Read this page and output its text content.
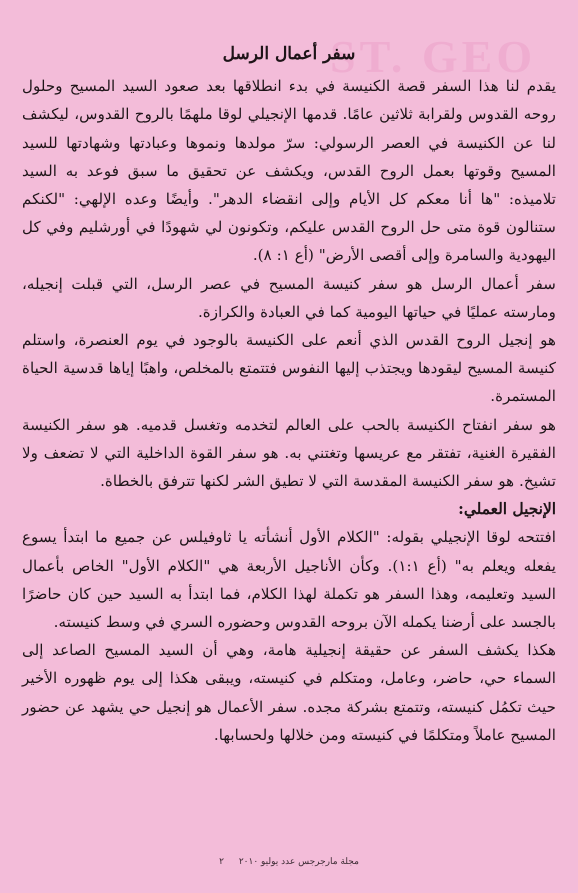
ST. GEO
سفر أعمال الرسل

يقدم لنا هذا السفر قصة الكنيسة في بدء انطلاقها بعد صعود السيد المسيح وحلول روحه القدوس ولقرابة ثلاثين عامًا. قدمها الإنجيلي لوقا ملهمًا بالروح القدوس، ليكشف لنا عن الكنيسة في العصر الرسولي: سرّ مولدها ونموها وعبادتها وشهادتها للسيد المسيح وقوتها بعمل الروح القدس، ويكشف عن تحقيق ما سبق فوعد به السيد تلاميذه: "ها أنا معكم كل الأيام وإلى انقضاء الدهر". وأيضًا وعده الإلهي: "لكنكم ستنالون قوة متى حل الروح القدس عليكم، وتكونون لي شهودًا في أورشليم وفي كل اليهودية والسامرة وإلى أقصى الأرض" (أع ١: ٨).

سفر أعمال الرسل هو سفر كنيسة المسيح في عصر الرسل، التي قبلت إنجيله، ومارسته عمليًا في حياتها اليومية كما في العبادة والكرازة.

هو إنجيل الروح القدس الذي أنعم على الكنيسة بالوجود في يوم العنصرة، واستلم كنيسة المسيح ليقودها ويجتذب إليها النفوس فتتمتع بالمخلص، واهبًا إياها قدسية الحياة المستمرة.

هو سفر انفتاح الكنيسة بالحب على العالم لتخدمه وتغسل قدميه. هو سفر الكنيسة الفقيرة الغنية، تفتقر مع عريسها وتغتني به. هو سفر القوة الداخلية التي لا تضعف ولا تشيخ. هو سفر الكنيسة المقدسة التي لا تطيق الشر لكنها تترفق بالخطاة.

الإنجيل العملي:

افتتحه لوقا الإنجيلي بقوله: "الكلام الأول أنشأته يا ثاوفيلس عن جميع ما ابتدأ يسوع يفعله ويعلم به" (أع ١:١). وكأن الأناجيل الأربعة هي "الكلام الأول" الخاص بأعمال السيد وتعليمه، وهذا السفر هو تكملة لهذا الكلام، فما ابتدأ به السيد حين كان حاضرًا بالجسد على أرضنا يكمله الآن بروحه القدوس وحضوره السري في وسط كنيسته.

هكذا يكشف السفر عن حقيقة إنجيلية هامة، وهي أن السيد المسيح الصاعد إلى السماء حي، حاضر، وعامل، ومتكلم في كنيسته، ويبقى هكذا إلى يوم ظهوره الأخير حيث تكمُل كنيسته، وتتمتع بشركة مجده. سفر الأعمال هو إنجيل حي يشهد عن حضور المسيح عاملاً ومتكلمًا في كنيسته ومن خلالها ولحسابها.

مجلة مارجرجس عدد يوليو ٢٠١٠ ٢
